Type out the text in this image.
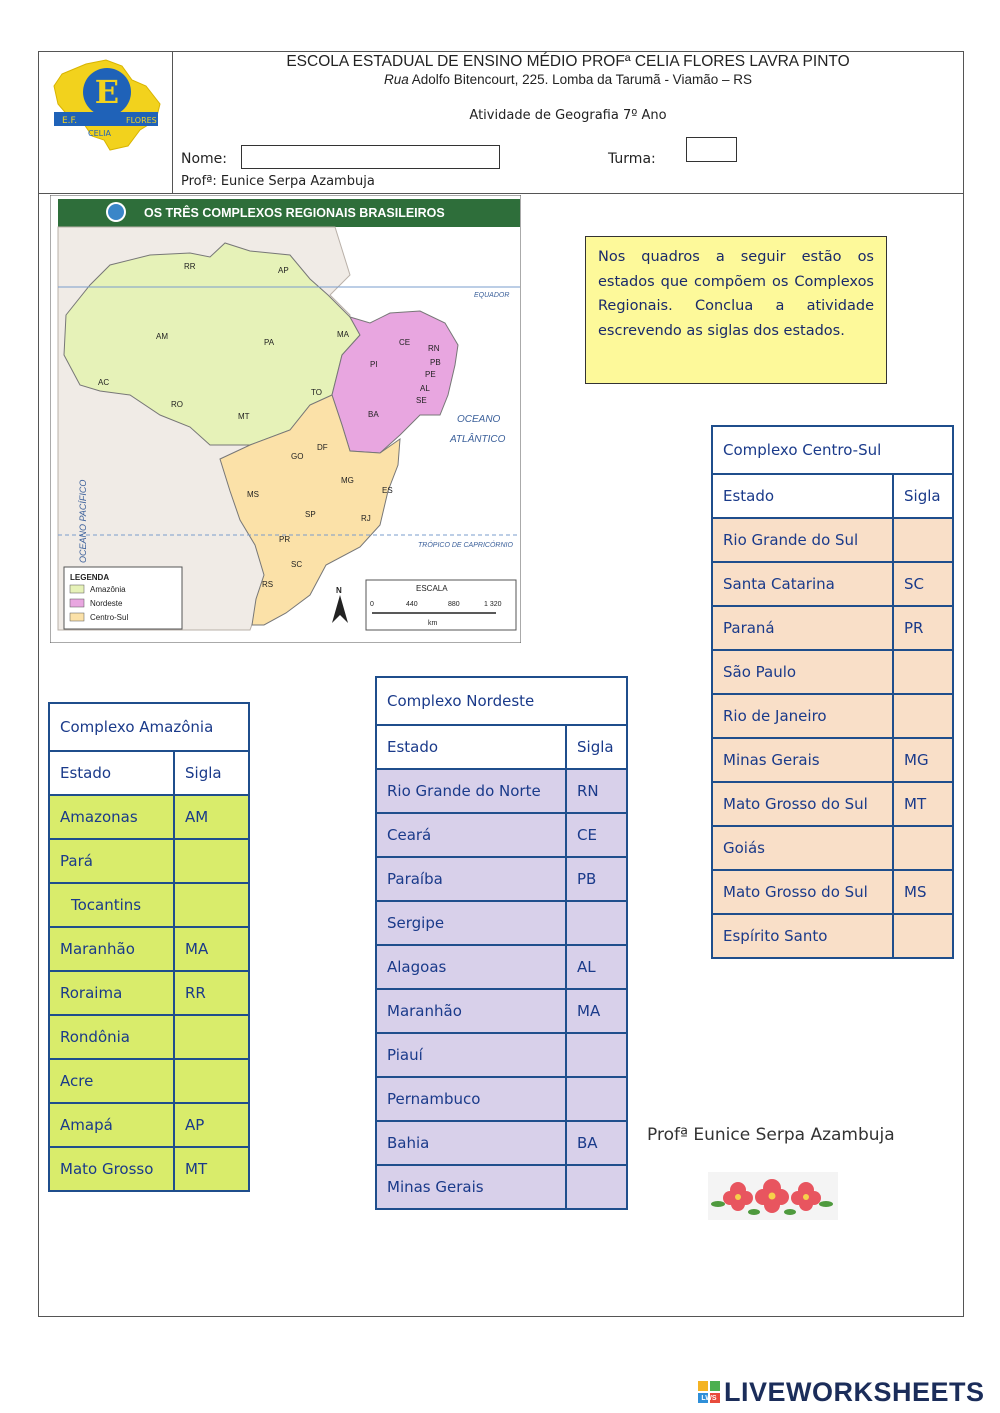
E
E.F.
CELIA
FLORES
ESCOLA ESTADUAL DE ENSINO MÉDIO PROFª CELIA FLORES LAVRA PINTO
Rua Adolfo Bitencourt, 225. Lomba da Tarumã - Viamão – RS
Atividade de Geografia 7º Ano
Nome:	Turma:
Profª: Eunice Serpa Azambuja
OS TRÊS COMPLEXOS REGIONAIS BRASILEIROS
EQUADOR
TRÓPICO DE CAPRICÓRNIO
OCEANO
ATLÂNTICO
OCEANO PACÍFICO
RR	AP
AM
PA
MA
CE
RN
PB
PE
AL
SE
PI
BA
TO
AC
RO
MT
GO
DF
MG
ES
MS
SP	RJ
PR
SC
RS
LEGENDA
Amazônia
Nordeste
Centro-Sul
N	ESCALA
0	440	880	1 320
km
Nos quadros a seguir estão os estados que compõem os Complexos Regionais. Conclua a atividade escrevendo as siglas dos estados.
Complexo Amazônia	
Estado	Sigla
Amazonas	AM
Pará	
Tocantins	
Maranhão	MA
Roraima	RR
Rondônia	
Acre	
Amapá	AP
Mato Grosso	MT
Complexo Nordeste	
Estado	Sigla
Rio Grande do Norte	RN
Ceará	CE
Paraíba	PB
Sergipe	
Alagoas	AL
Maranhão	MA
Piauí	
Pernambuco	
Bahia	BA
Minas Gerais	
Complexo Centro-Sul	
Estado	Sigla
Rio Grande do Sul	
Santa Catarina	SC
Paraná	PR
São Paulo	
Rio de Janeiro	
Minas Gerais	MG
Mato Grosso do Sul	MT
Goiás	
Mato Grosso do Sul	MS
Espírito Santo	
Profª Eunice Serpa Azambuja
LWS LIVEWORKSHEETS
